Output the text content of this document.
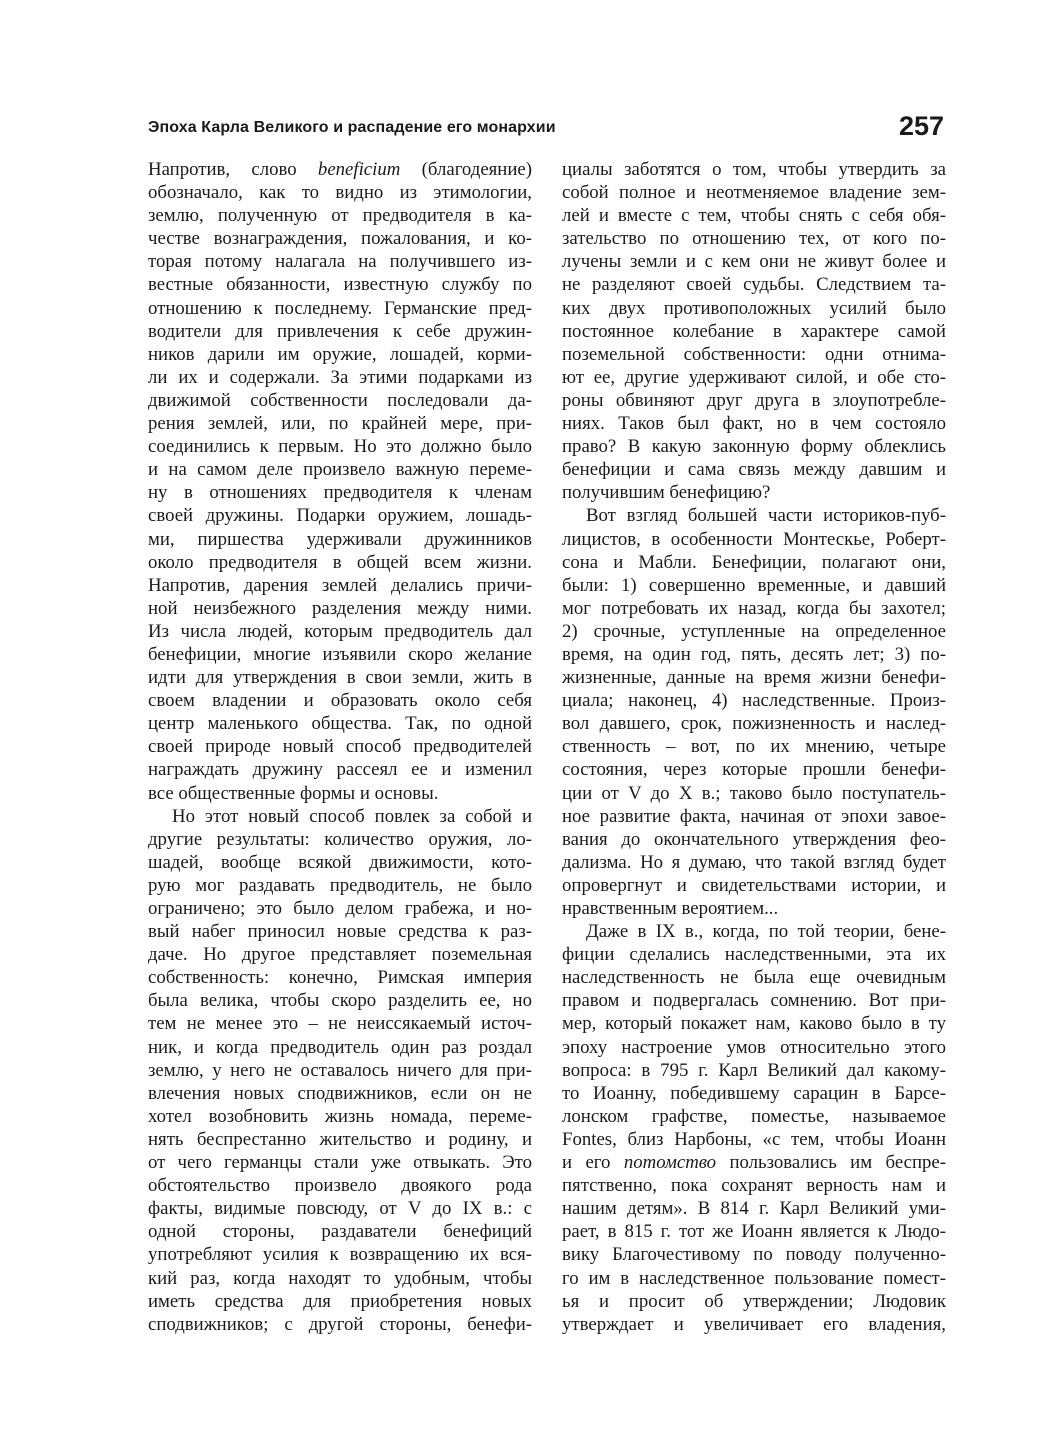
Эпоха Карла Великого и распадение его монархии	257
Напротив, слово beneficium (благодеяние)
обозначало, как то видно из этимологии,
землю, полученную от предводителя в ка-
честве вознаграждения, пожалования, и ко-
торая потому налагала на получившего из-
вестные обязанности, известную службу по
отношению к последнему. Германские пред-
водители для привлечения к себе дружин-
ников дарили им оружие, лошадей, корми-
ли их и содержали. За этими подарками из
движимой собственности последовали да-
рения землей, или, по крайней мере, при-
соединились к первым. Но это должно было
и на самом деле произвело важную переме-
ну в отношениях предводителя к членам
своей дружины. Подарки оружием, лошадь-
ми, пиршества удерживали дружинников
около предводителя в общей всем жизни.
Напротив, дарения землей делались причи-
ной неизбежного разделения между ними.
Из числа людей, которым предводитель дал
бенефиции, многие изъявили скоро желание
идти для утверждения в свои земли, жить в
своем владении и образовать около себя
центр маленького общества. Так, по одной
своей природе новый способ предводителей
награждать дружину рассеял ее и изменил
все общественные формы и основы.
Но этот новый способ повлек за собой и
другие результаты: количество оружия, ло-
шадей, вообще всякой движимости, кото-
рую мог раздавать предводитель, не было
ограничено; это было делом грабежа, и но-
вый набег приносил новые средства к раз-
даче. Но другое представляет поземельная
собственность: конечно, Римская империя
была велика, чтобы скоро разделить ее, но
тем не менее это – не неиссякаемый источ-
ник, и когда предводитель один раз роздал
землю, у него не оставалось ничего для при-
влечения новых сподвижников, если он не
хотел возобновить жизнь номада, переме-
нять беспрестанно жительство и родину, и
от чего германцы стали уже отвыкать. Это
обстоятельство произвело двоякого рода
факты, видимые повсюду, от V до IX в.: с
одной стороны, раздаватели бенефиций
употребляют усилия к возвращению их вся-
кий раз, когда находят то удобным, чтобы
иметь средства для приобретения новых
сподвижников; с другой стороны, бенефи-
циалы заботятся о том, чтобы утвердить за
собой полное и неотменяемое владение зем-
лей и вместе с тем, чтобы снять с себя обя-
зательство по отношению тех, от кого по-
лучены земли и с кем они не живут более и
не разделяют своей судьбы. Следствием та-
ких двух противоположных усилий было
постоянное колебание в характере самой
поземельной собственности: одни отнима-
ют ее, другие удерживают силой, и обе сто-
роны обвиняют друг друга в злоупотребле-
ниях. Таков был факт, но в чем состояло
право? В какую законную форму облеклись
бенефиции и сама связь между давшим и
получившим бенефицию?
Вот взгляд большей части историков-пуб-
лицистов, в особенности Монтескье, Роберт-
сона и Мабли. Бенефиции, полагают они,
были: 1) совершенно временные, и давший
мог потребовать их назад, когда бы захотел;
2) срочные, уступленные на определенное
время, на один год, пять, десять лет; 3) по-
жизненные, данные на время жизни бенефи-
циала; наконец, 4) наследственные. Произ-
вол давшего, срок, пожизненность и наслед-
ственность – вот, по их мнению, четыре
состояния, через которые прошли бенефи-
ции от V до X в.; таково было поступатель-
ное развитие факта, начиная от эпохи завое-
вания до окончательного утверждения фео-
дализма. Но я думаю, что такой взгляд будет
опровергнут и свидетельствами истории, и
нравственным вероятием...
Даже в IX в., когда, по той теории, бене-
фиции сделались наследственными, эта их
наследственность не была еще очевидным
правом и подвергалась сомнению. Вот при-
мер, который покажет нам, каково было в ту
эпоху настроение умов относительно этого
вопроса: в 795 г. Карл Великий дал какому-
то Иоанну, победившему сарацин в Барсе-
лонском графстве, поместье, называемое
Fontes, близ Нарбоны, «с тем, чтобы Иоанн
и его потомство пользовались им беспре-
пятственно, пока сохранят верность нам и
нашим детям». В 814 г. Карл Великий уми-
рает, в 815 г. тот же Иоанн является к Людо-
вику Благочестивому по поводу полученно-
го им в наследственное пользование помест-
ья и просит об утверждении; Людовик
утверждает и увеличивает его владения,
